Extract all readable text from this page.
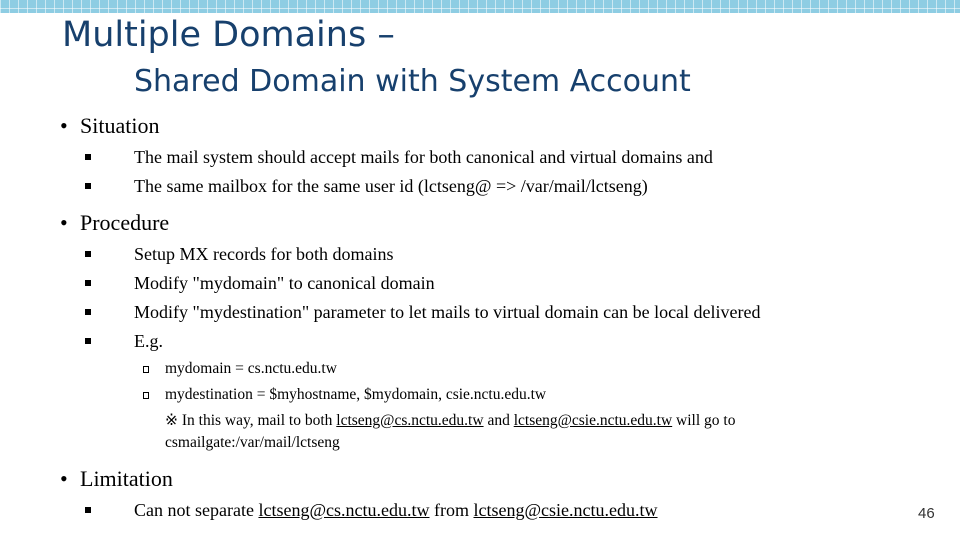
Multiple Domains –
Shared Domain with System Account
• Situation
The mail system should accept mails for both canonical and virtual domains and
The same mailbox for the same user id (lctseng@ => /var/mail/lctseng)
• Procedure
Setup MX records for both domains
Modify "mydomain" to canonical domain
Modify "mydestination" parameter to let mails to virtual domain can be local delivered
E.g.
mydomain = cs.nctu.edu.tw
mydestination = $myhostname, $mydomain, csie.nctu.edu.tw
※ In this way, mail to both lctseng@cs.nctu.edu.tw and lctseng@csie.nctu.edu.tw will go to
csmailgate:/var/mail/lctseng
• Limitation
Can not separate lctseng@cs.nctu.edu.tw from lctseng@csie.nctu.edu.tw	46
